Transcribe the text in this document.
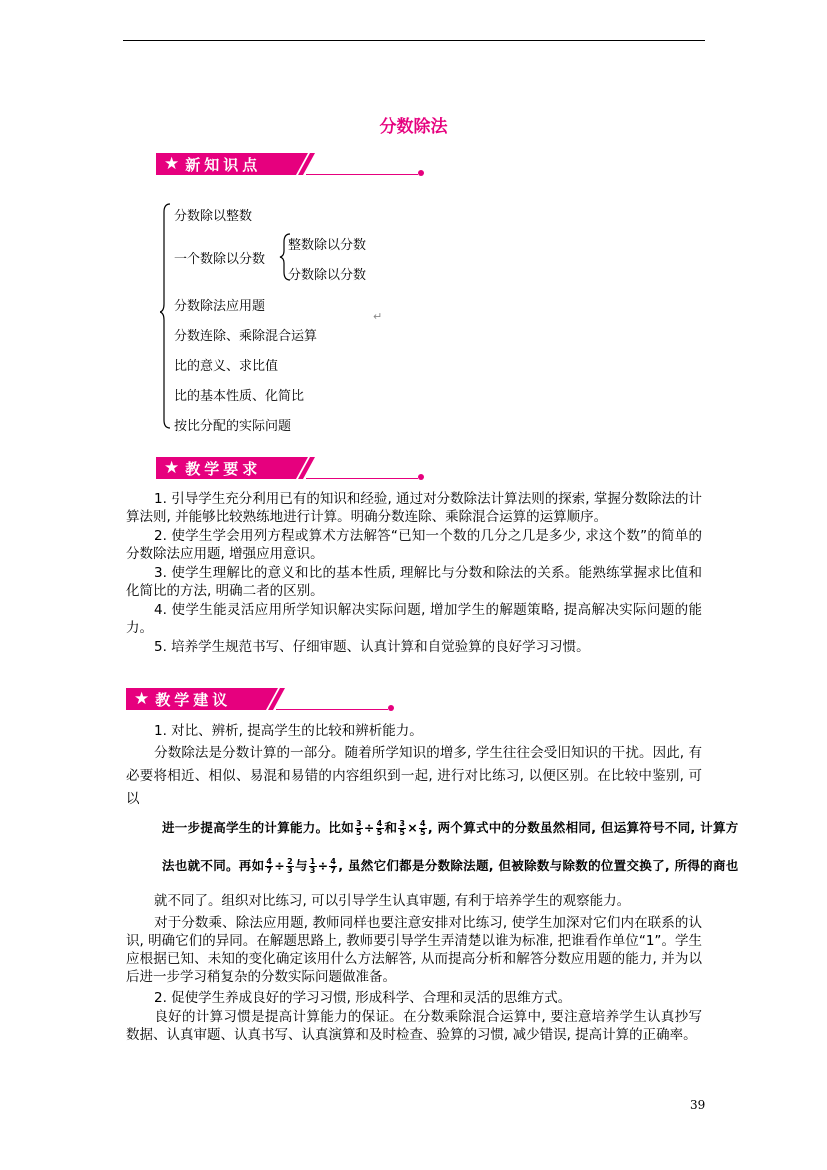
分数除法
★ 新知识点
分数除以整数
一个数除以分数
整数除以分数
分数除以分数
分数除法应用题
分数连除、乘除混合运算
比的意义、求比值
比的基本性质、化简比
按比分配的实际问题
↵
★ 教学要求
1. 引导学生充分利用已有的知识和经验, 通过对分数除法计算法则的探索, 掌握分数除法的计算法则, 并能够比较熟练地进行计算。明确分数连除、乘除混合运算的运算顺序。
2. 使学生学会用列方程或算术方法解答“已知一个数的几分之几是多少, 求这个数”的简单的分数除法应用题, 增强应用意识。
3. 使学生理解比的意义和比的基本性质, 理解比与分数和除法的关系。能熟练掌握求比值和化简比的方法, 明确二者的区别。
4. 使学生能灵活应用所学知识解决实际问题, 增加学生的解题策略, 提高解决实际问题的能力。
5. 培养学生规范书写、仔细审题、认真计算和自觉验算的良好学习习惯。
★ 教学建议
1. 对比、辨析, 提高学生的比较和辨析能力。
分数除法是分数计算的一部分。随着所学知识的增多, 学生往往会受旧知识的干扰。因此, 有必要将相近、相似、易混和易错的内容组织到一起, 进行对比练习, 以便区别。在比较中鉴别, 可以
进一步提高学生的计算能力。比如 $\frac{3}{5} \div \frac{4}{5}$ 和 $\frac{3}{5} \times \frac{4}{5}$ , 两个算式中的分数虽然相同, 但运算符号不同, 计算方
法也就不同。再如 $\frac{4}{7} \div \frac{2}{3}$ 与 $\frac{1}{3} \div \frac{4}{7}$ , 虽然它们都是分数除法题, 但被除数与除数的位置交换了, 所得的商也
就不同了。组织对比练习, 可以引导学生认真审题, 有利于培养学生的观察能力。
对于分数乘、除法应用题, 教师同样也要注意安排对比练习, 使学生加深对它们内在联系的认识, 明确它们的异同。在解题思路上, 教师要引导学生弄清楚以谁为标准, 把谁看作单位“1”。学生应根据已知、未知的变化确定该用什么方法解答, 从而提高分析和解答分数应用题的能力, 并为以后进一步学习稍复杂的分数实际问题做准备。
2. 促使学生养成良好的学习习惯, 形成科学、合理和灵活的思维方式。
良好的计算习惯是提高计算能力的保证。在分数乘除混合运算中, 要注意培养学生认真抄写数据、认真审题、认真书写、认真演算和及时检查、验算的习惯, 减少错误, 提高计算的正确率。
39
